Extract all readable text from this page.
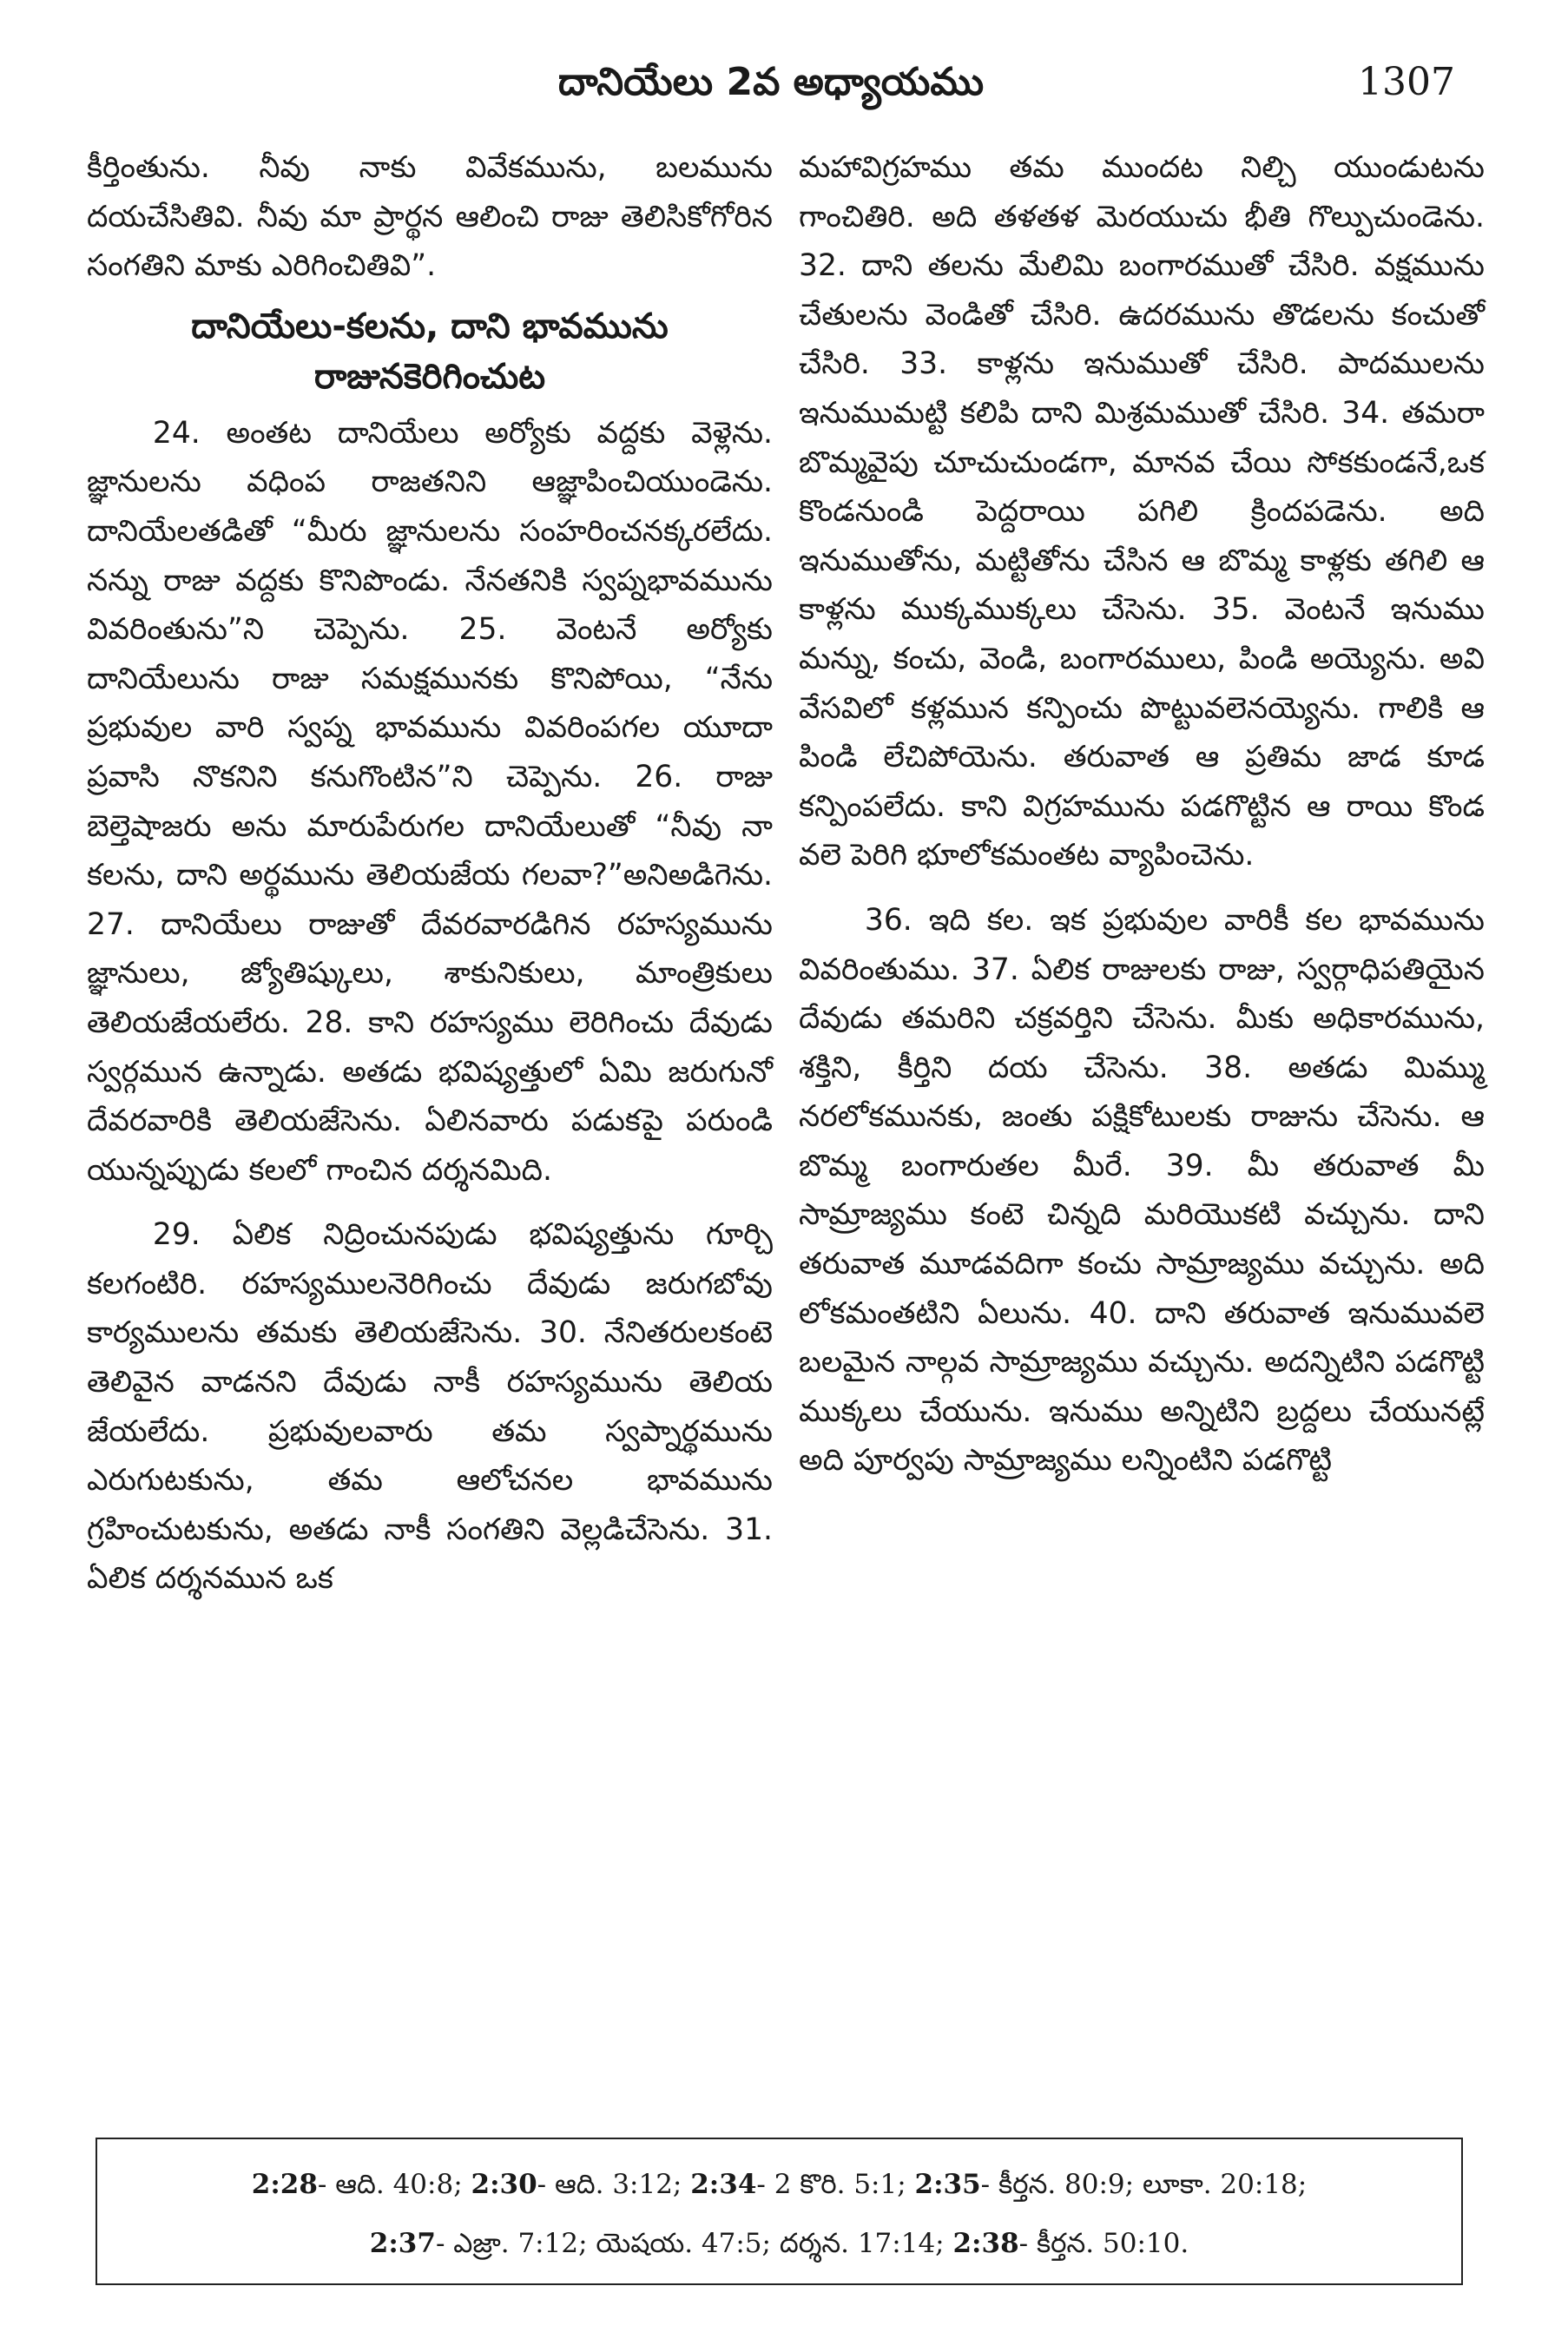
దానియేలు 2వ అధ్యాయము	1307

కీర్తింతును. నీవు నాకు వివేకమును, బలమును దయచేసితివి. నీవు మా ప్రార్థన ఆలించి రాజు తెలిసికోగోరిన సంగతిని మాకు ఎరిగించితివి”.

దానియేలు-కలను, దాని భావమును రాజునకెరిగించుట

24. అంతట దానియేలు అర్యోకు వద్దకు వెళ్లెను. జ్ఞానులను వధింప రాజతనిని ఆజ్ఞాపించియుండెను. దానియేలతడితో “మీరు జ్ఞానులను సంహరించనక్కరలేదు. నన్ను రాజు వద్దకు కొనిపొండు. నేనతనికి స్వప్నభావమును వివరింతును”ని చెప్పెను. 25. వెంటనే అర్యోకు దానియేలును రాజు సమక్షమునకు కొనిపోయి, “నేను ప్రభువుల వారి స్వప్న భావమును వివరింపగల యూదా ప్రవాసి నొకనిని కనుగొంటిన”ని చెప్పెను. 26. రాజు బెల్తెషాజరు అను మారుపేరుగల దానియేలుతో “నీవు నా కలను, దాని అర్థమును తెలియజేయ గలవా?”అనిఅడిగెను. 27. దానియేలు రాజుతో దేవరవారడిగిన రహస్యమును జ్ఞానులు, జ్యోతిష్కులు, శాకునికులు, మాంత్రికులు తెలియజేయలేరు. 28. కాని రహస్యము లెరిగించు దేవుడు స్వర్గమున ఉన్నాడు. అతడు భవిష్యత్తులో ఏమి జరుగునో దేవరవారికి తెలియజేసెను. ఏలినవారు పడుకపై పరుండి యున్నప్పుడు కలలో గాంచిన దర్శనమిది.

29. ఏలిక నిద్రించునపుడు భవిష్యత్తును గూర్చి కలగంటిరి. రహస్యములనెరిగించు దేవుడు జరుగబోవు కార్యములను తమకు తెలియజేసెను. 30. నేనితరులకంటె తెలివైన వాడనని దేవుడు నాకీ రహస్యమును తెలియ జేయలేదు. ప్రభువులవారు తమ స్వప్నార్థమును ఎరుగుటకును, తమ ఆలోచనల భావమును గ్రహించుటకును, అతడు నాకీ సంగతిని వెల్లడిచేసెను. 31. ఏలిక దర్శనమున ఒక

మహావిగ్రహము తమ ముందట నిల్చి యుండుటను గాంచితిరి. అది తళతళ మెరయుచు భీతి గొల్పుచుండెను. 32. దాని తలను మేలిమి బంగారముతో చేసిరి. వక్షమును చేతులను వెండితో చేసిరి. ఉదరమును తొడలను కంచుతో చేసిరి. 33. కాళ్లను ఇనుముతో చేసిరి. పాదములను ఇనుముమట్టి కలిపి దాని మిశ్రమముతో చేసిరి. 34. తమరా బొమ్మవైపు చూచుచుండగా, మానవ చేయి సోకకుండనే,ఒక కొండనుండి పెద్దరాయి పగిలి క్రిందపడెను. అది ఇనుముతోను, మట్టితోను చేసిన ఆ బొమ్మ కాళ్లకు తగిలి ఆ కాళ్లను ముక్కముక్కలు చేసెను. 35. వెంటనే ఇనుము మన్ను, కంచు, వెండి, బంగారములు, పిండి అయ్యెను. అవి వేసవిలో కళ్లమున కన్పించు పొట్టువలెనయ్యెను. గాలికి ఆ పిండి లేచిపోయెను. తరువాత ఆ ప్రతిమ జాడ కూడ కన్పింపలేదు. కాని విగ్రహమును పడగొట్టిన ఆ రాయి కొండ వలె పెరిగి భూలోకమంతట వ్యాపించెను.

36. ఇది కల. ఇక ప్రభువుల వారికీ కల భావమును వివరింతుము. 37. ఏలిక రాజులకు రాజు, స్వర్గాధిపతియైన దేవుడు తమరిని చక్రవర్తిని చేసెను. మీకు అధికారమును, శక్తిని, కీర్తిని దయ చేసెను. 38. అతడు మిమ్ము నరలోకమునకు, జంతు పక్షికోటులకు రాజును చేసెను. ఆ బొమ్మ బంగారుతల మీరే. 39. మీ తరువాత మీ సామ్రాజ్యము కంటె చిన్నది మరియొకటి వచ్చును. దాని తరువాత మూడవదిగా కంచు సామ్రాజ్యము వచ్చును. అది లోకమంతటిని ఏలును. 40. దాని తరువాత ఇనుమువలె బలమైన నాల్గవ సామ్రాజ్యము వచ్చును. అదన్నిటిని పడగొట్టి ముక్కలు చేయును. ఇనుము అన్నిటిని బ్రద్దలు చేయునట్లే అది పూర్వపు సామ్రాజ్యము లన్నింటిని పడగొట్టి

2:28- ఆది. 40:8; 2:30- ఆది. 3:12; 2:34- 2 కొరి. 5:1; 2:35- కీర్తన. 80:9; లూకా. 20:18;
2:37- ఎజ్రా. 7:12; యెషయ. 47:5; దర్శన. 17:14; 2:38- కీర్తన. 50:10.
